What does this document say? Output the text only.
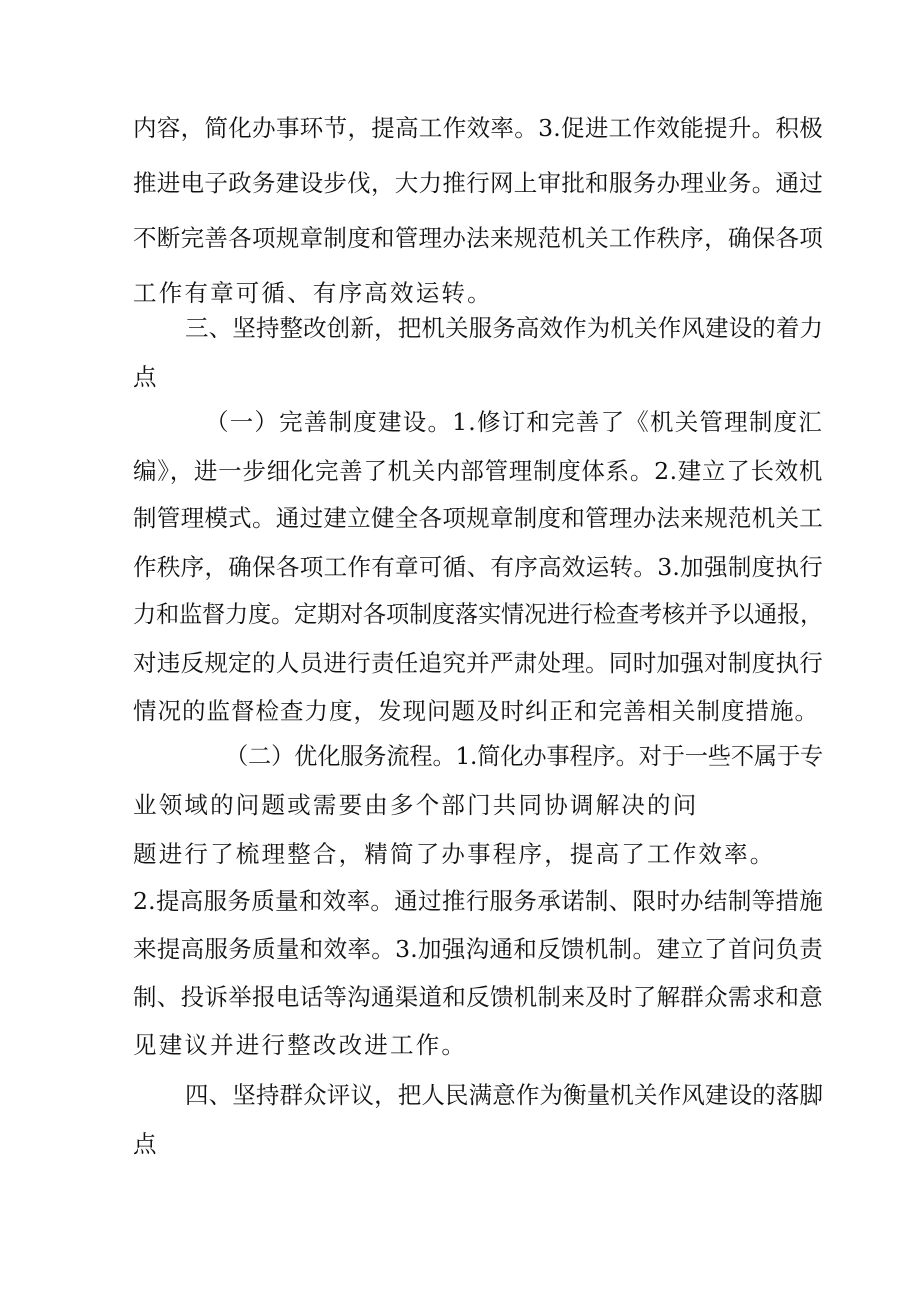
内容，简化办事环节，提高工作效率。3.促进工作效能提升。积极
推进电子政务建设步伐，大力推行网上审批和服务办理业务。通过
不断完善各项规章制度和管理办法来规范机关工作秩序，确保各项
工作有章可循、有序高效运转。
三、坚持整改创新，把机关服务高效作为机关作风建设的着力
点
（一）完善制度建设。1.修订和完善了《机关管理制度汇
编》，进一步细化完善了机关内部管理制度体系。2.建立了长效机
制管理模式。通过建立健全各项规章制度和管理办法来规范机关工
作秩序，确保各项工作有章可循、有序高效运转。3.加强制度执行
力和监督力度。定期对各项制度落实情况进行检查考核并予以通报，
对违反规定的人员进行责任追究并严肃处理。同时加强对制度执行
情况的监督检查力度，发现问题及时纠正和完善相关制度措施。
（二）优化服务流程。1.简化办事程序。对于一些不属于专
业领域的问题或需要由多个部门共同协调解决的问
题进行了梳理整合，精简了办事程序，提高了工作效率。
2.提高服务质量和效率。通过推行服务承诺制、限时办结制等措施
来提高服务质量和效率。3.加强沟通和反馈机制。建立了首问负责
制、投诉举报电话等沟通渠道和反馈机制来及时了解群众需求和意
见建议并进行整改改进工作。
四、坚持群众评议，把人民满意作为衡量机关作风建设的落脚
点
